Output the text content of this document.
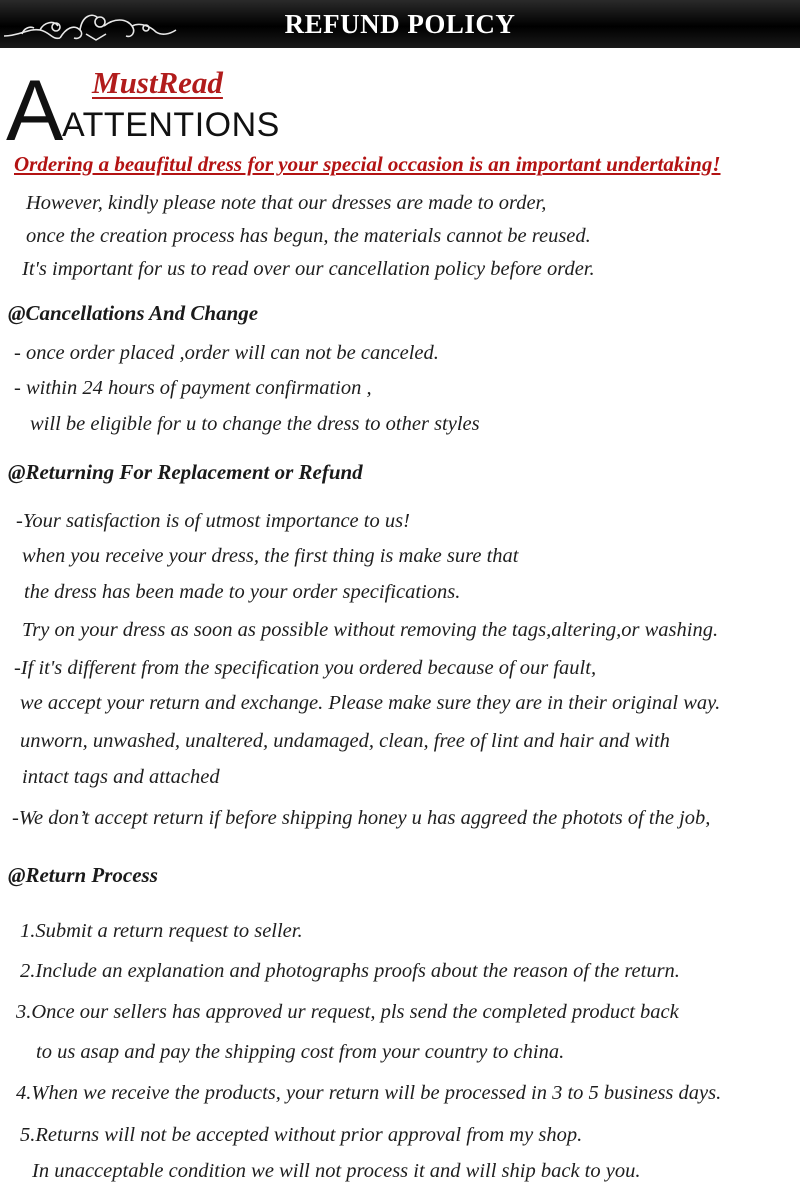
REFUND POLICY
A MustRead
ATTENTIONS
Ordering a beaufitul dress for your special occasion is an important undertaking!
However, kindly please note that our dresses are made to order,
once the creation process has begun, the materials cannot be reused.
It's important for us to read over our cancellation policy before order.
@Cancellations And Change
- once order placed ,order will can not be canceled.
- within 24 hours of payment confirmation ,
will be eligible for u to change the dress to other styles
@Returning For Replacement or Refund
-Your satisfaction is of utmost importance to us!
when you receive your dress, the first thing is make sure that
the dress has been made to your order specifications.
Try on your dress as soon as possible without removing the tags,altering,or washing.
-If it's different from the specification you ordered because of our fault,
we accept your return and exchange. Please make sure they are in their original way.
unworn, unwashed, unaltered, undamaged, clean, free of lint and hair and with
intact tags and attached
-We don’t accept return if before shipping honey u has aggreed the photots of the job,
@Return Process
1.Submit a return request to seller.
2.Include an explanation and photographs proofs about the reason of the return.
3.Once our sellers has approved ur request, pls send the completed product back
to us asap and pay the shipping cost from your country to china.
4.When we receive the products, your return will be processed in 3 to 5 business days.
5.Returns will not be accepted without prior approval from my shop.
In unacceptable condition we will not process it and will ship back to you.
